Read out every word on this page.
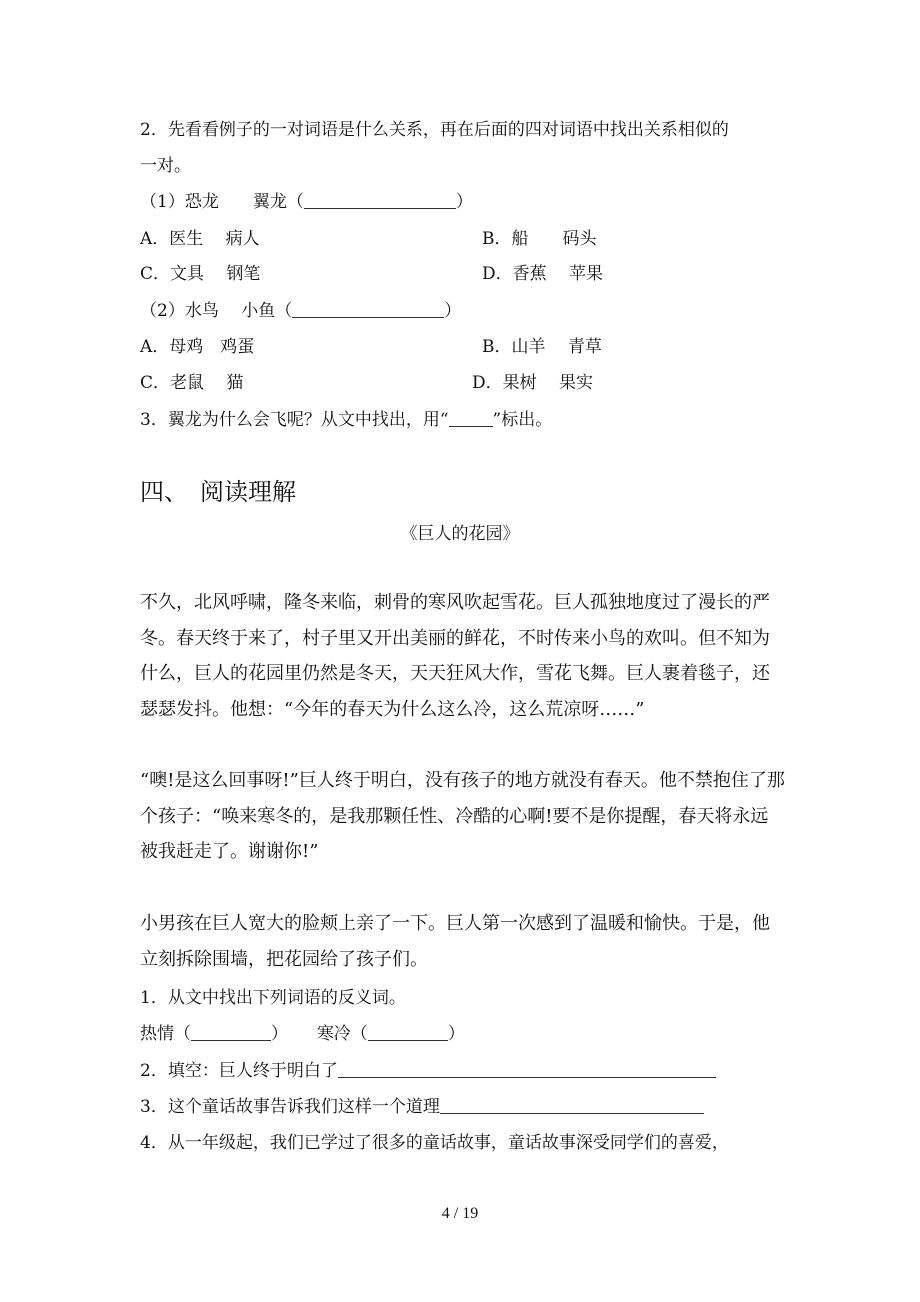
2．先看看例子的一对词语是什么关系，再在后面的四对词语中找出关系相似的
一对。
（1）恐龙　　翼龙（	）
A．医生　 病人	B．船　　码头
C．文具　 钢笔	D．香蕉　 苹果
（2）水鸟　 小鱼（	）
A．母鸡　鸡蛋	B．山羊　 青草
C．老鼠　 猫	D．果树　 果实
3．翼龙为什么会飞呢？从文中找出，用“	”标出。
四、　阅读理解
《巨人的花园》
不久，北风呼啸，隆冬来临，刺骨的寒风吹起雪花。巨人孤独地度过了漫长的严冬。春天终于来了，村子里又开出美丽的鲜花，不时传来小鸟的欢叫。但不知为什么，巨人的花园里仍然是冬天，天天狂风大作，雪花飞舞。巨人裹着毯子，还瑟瑟发抖。他想：“今年的春天为什么这么冷，这么荒凉呀……”
“噢!是这么回事呀!”巨人终于明白，没有孩子的地方就没有春天。他不禁抱住了那个孩子：“唤来寒冬的，是我那颗任性、冷酷的心啊!要不是你提醒，春天将永远被我赶走了。谢谢你!”
小男孩在巨人宽大的脸颊上亲了一下。巨人第一次感到了温暖和愉快。于是，他立刻拆除围墙，把花园给了孩子们。
1．从文中找出下列词语的反义词。
热情（	） 寒冷（	）
2．填空：巨人终于明白了
3．这个童话故事告诉我们这样一个道理
4．从一年级起，我们已学过了很多的童话故事，童话故事深受同学们的喜爱，
4 / 19
